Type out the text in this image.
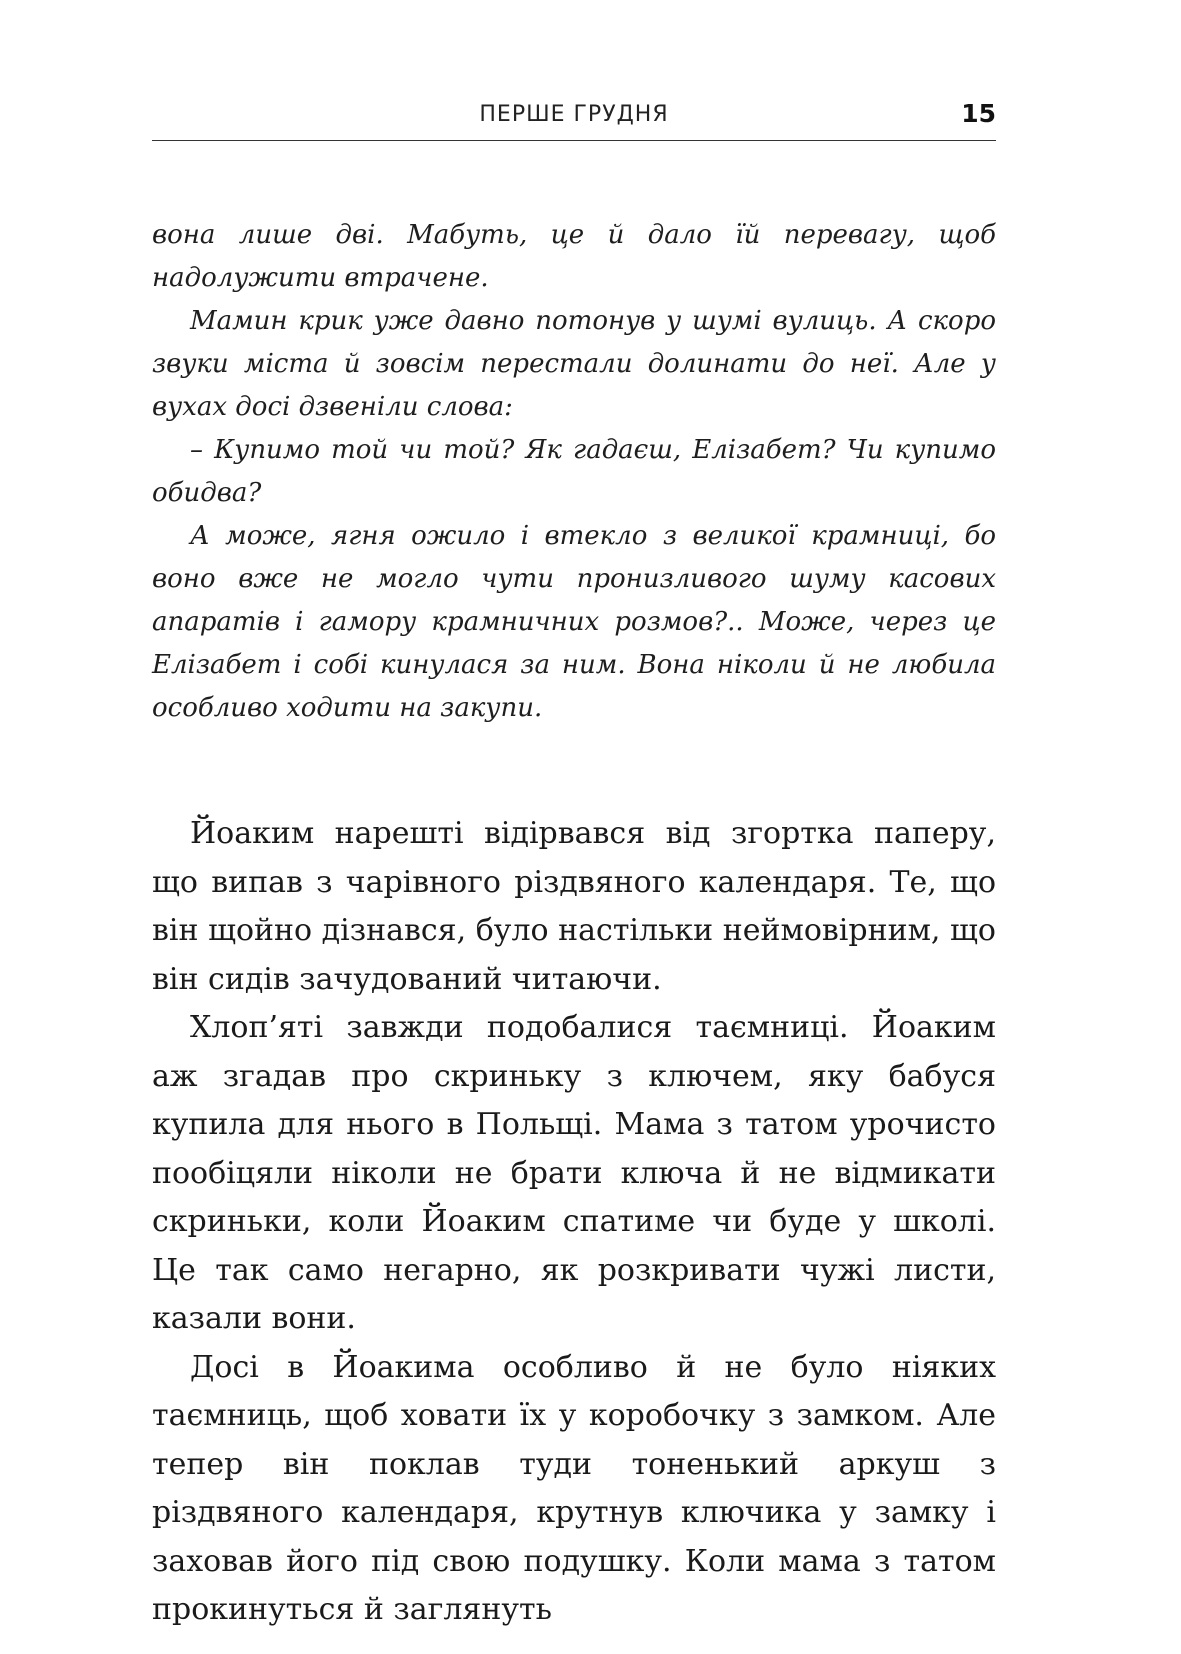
ПЕРШЕ ГРУДНЯ	15

вона лише дві. Мабуть, це й дало їй перевагу, щоб надолужити втрачене.

Мамин крик уже давно потонув у шумі вулиць. А скоро звуки міста й зовсім перестали долинати до неї. Але у вухах досі дзвеніли слова:

– Купимо той чи той? Як гадаєш, Елізабет? Чи купимо обидва?

А може, ягня ожило і втекло з великої крамниці, бо воно вже не могло чути пронизливого шуму касових апаратів і гамору крамничних розмов?.. Може, через це Елізабет і собі кинулася за ним. Вона ніколи й не любила особливо ходити на закупи.

Йоаким нарешті відірвався від згортка паперу, що випав з чарівного різдвяного календаря. Те, що він щойно дізнався, було настільки неймовірним, що він сидів зачудований читаючи.

Хлоп’яті завжди подобалися таємниці. Йоаким аж згадав про скриньку з ключем, яку бабуся купила для нього в Польщі. Мама з татом урочисто пообіцяли ніколи не брати ключа й не відмикати скриньки, коли Йоаким спатиме чи буде у школі. Це так само негарно, як розкривати чужі листи, казали вони.

Досі в Йоакима особливо й не було ніяких таємниць, щоб ховати їх у коробочку з замком. Але тепер він поклав туди тоненький аркуш з різдвяного календаря, крутнув ключика у замку і заховав його під свою подушку. Коли мама з татом прокинуться й заглянуть
